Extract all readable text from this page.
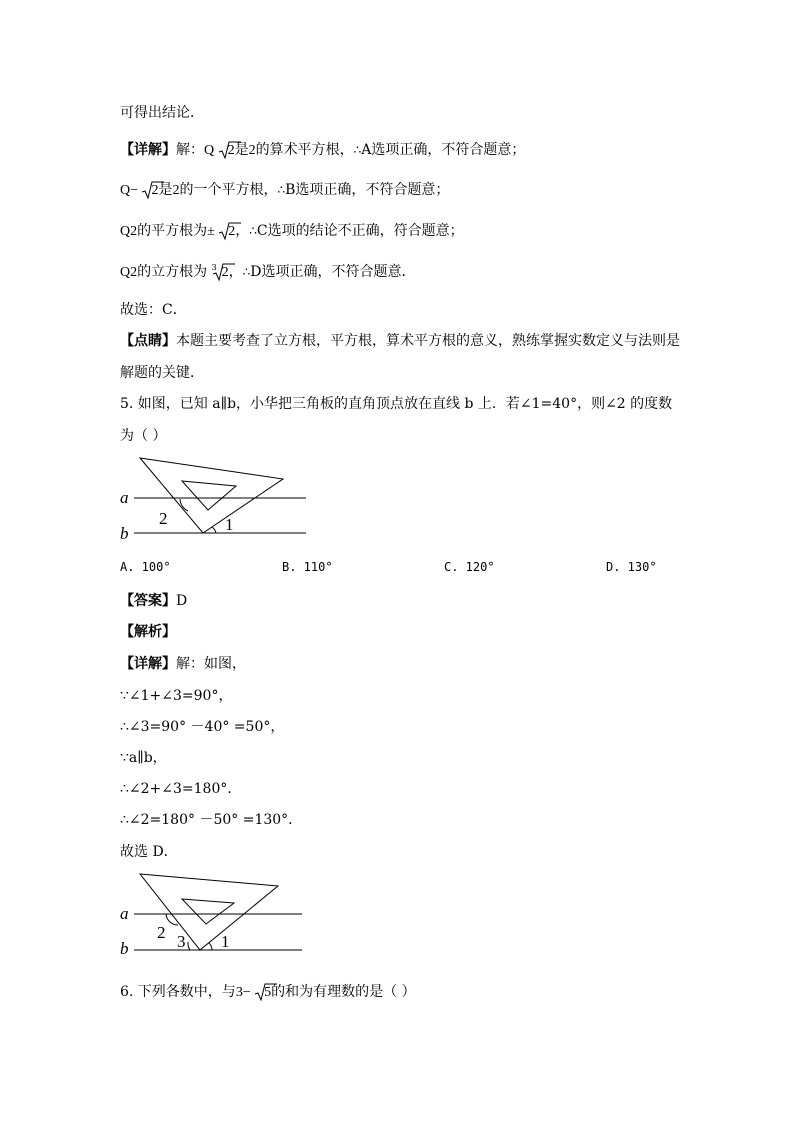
可得出结论．
【详解】解：Q 2是2的算术平方根，∴A选项正确，不符合题意；
Q− 2是2的一个平方根，∴B选项正确，不符合题意；
Q2的平方根为± 2，∴C选项的结论不正确，符合题意；
Q2的立方根为 3 2，∴D选项正确，不符合题意．
故选：C．
【点睛】本题主要考查了立方根，平方根，算术平方根的意义，熟练掌握实数定义与法则是
解题的关键．
5. 如图，已知 a∥b，小华把三角板的直角顶点放在直线 b 上．若∠1=40°，则∠2 的度数
为（ ）
a
b
2	1
A. 100°	B. 110°	C. 120°	D. 130°
【答案】D
【解析】
【详解】解：如图，
∵∠1+∠3=90°，
∴∠3=90° －40° =50°，
∵a∥b，
∴∠2+∠3=180°．
∴∠2=180° －50° =130°．
故选 D．
a
b
2 3 1
6. 下列各数中，与3− 5的和为有理数的是（ ）
